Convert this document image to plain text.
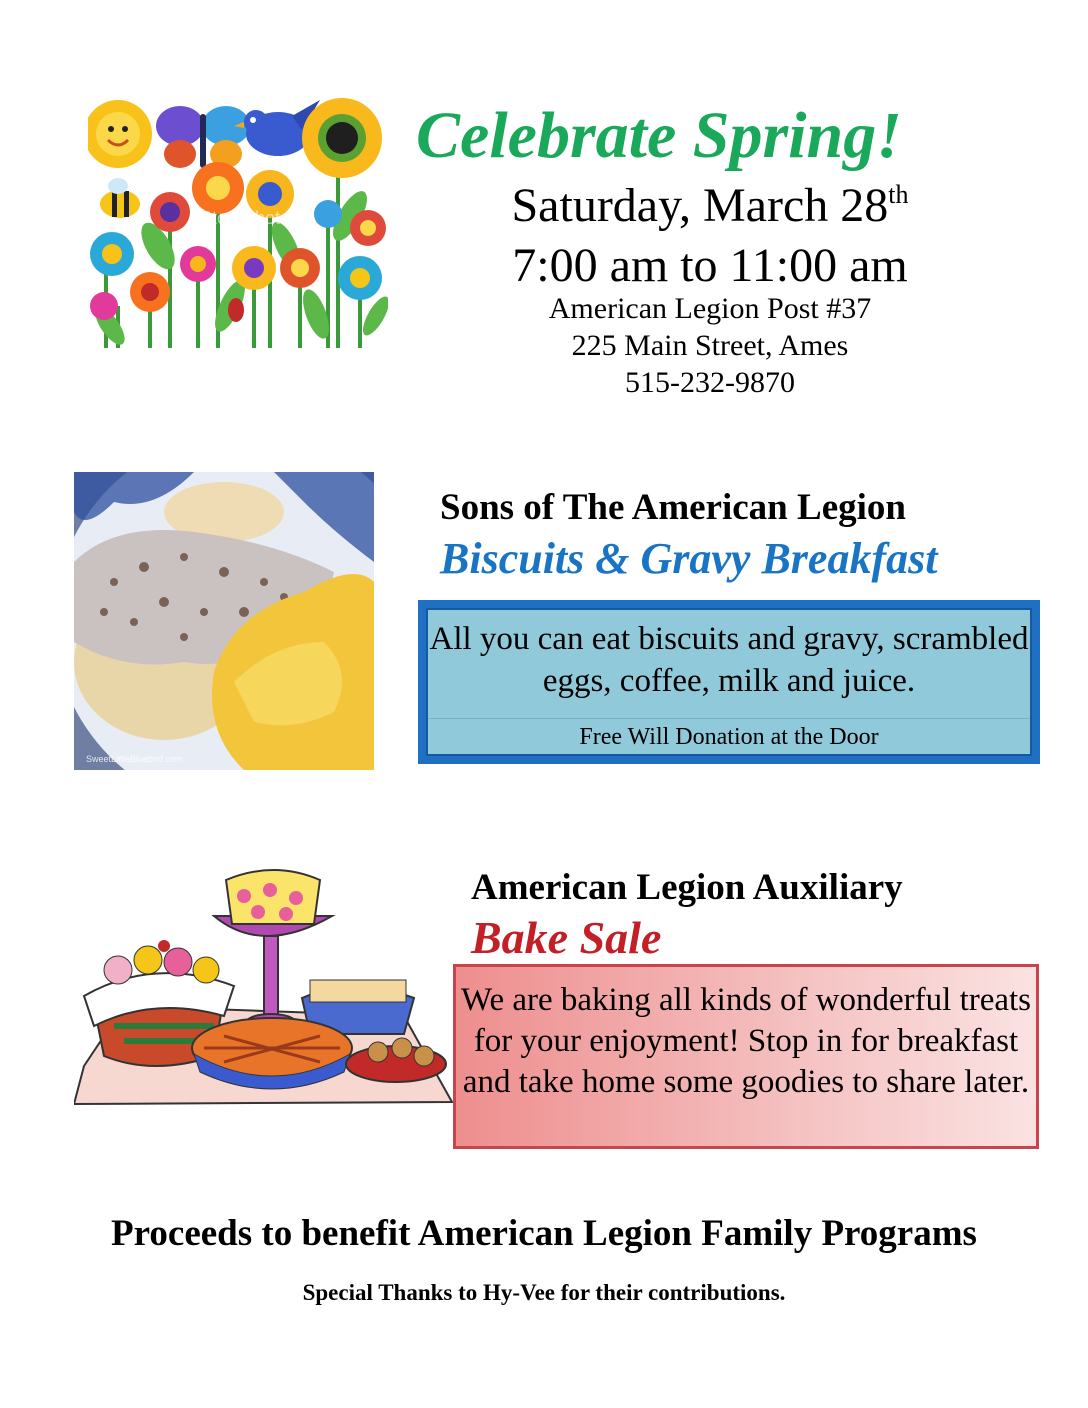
iStockphoto
Celebrate Spring!
Saturday, March 28th
7:00 am to 11:00 am
American Legion Post #37
225 Main Street, Ames
515-232-9870
SweetLittleBluebird.com
Sons of The American Legion
Biscuits & Gravy Breakfast
All you can eat biscuits and gravy, scrambled eggs, coffee, milk and juice.
Free Will Donation at the Door
American Legion Auxiliary
Bake Sale
We are baking all kinds of wonderful treats for your enjoyment! Stop in for breakfast and take home some goodies to share later.
Proceeds to benefit American Legion Family Programs
Special Thanks to Hy-Vee for their contributions.
